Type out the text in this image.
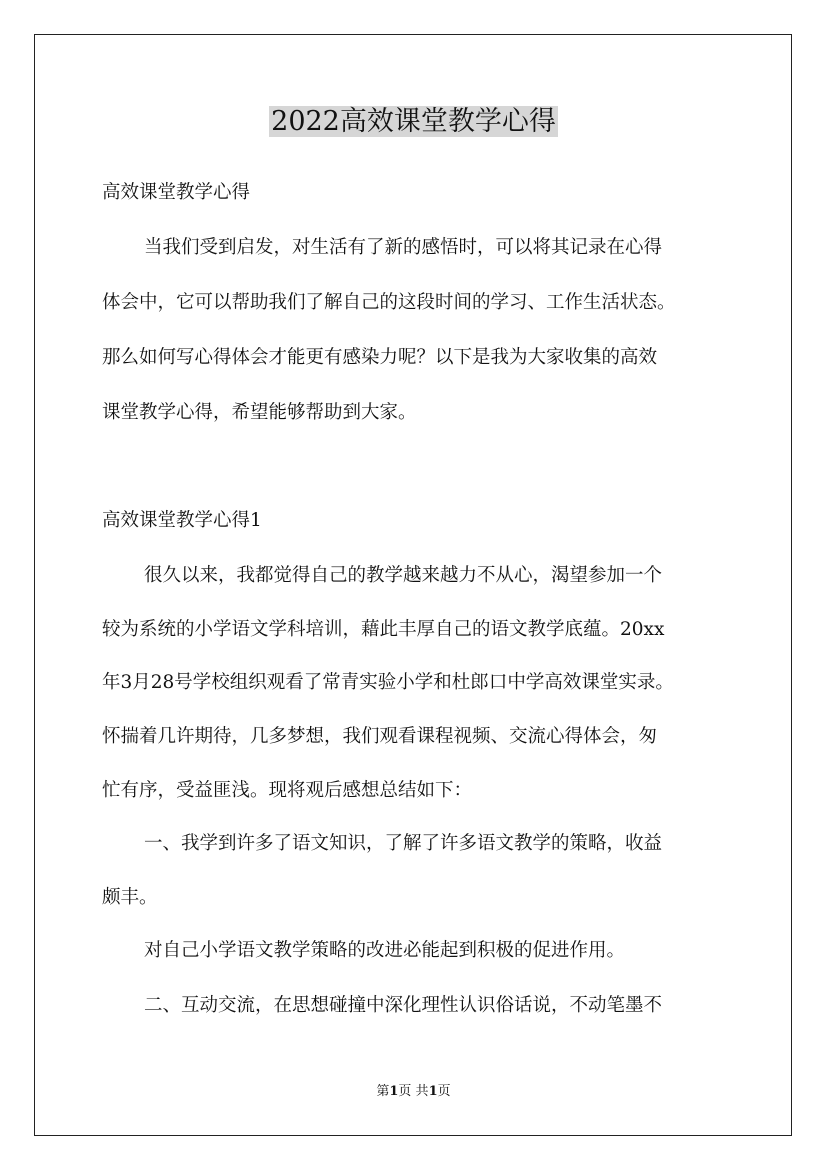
2022高效课堂教学心得

高效课堂教学心得

当我们受到启发，对生活有了新的感悟时，可以将其记录在心得

体会中，它可以帮助我们了解自己的这段时间的学习、工作生活状态。

那么如何写心得体会才能更有感染力呢？以下是我为大家收集的高效

课堂教学心得，希望能够帮助到大家。

高效课堂教学心得1

很久以来，我都觉得自己的教学越来越力不从心，渴望参加一个

较为系统的小学语文学科培训，藉此丰厚自己的语文教学底蕴。20xx

年3月28号学校组织观看了常青实验小学和杜郎口中学高效课堂实录。

怀揣着几许期待，几多梦想，我们观看课程视频、交流心得体会，匆

忙有序，受益匪浅。现将观后感想总结如下：

一、我学到许多了语文知识，了解了许多语文教学的策略，收益

颇丰。

对自己小学语文教学策略的改进必能起到积极的促进作用。

二、互动交流，在思想碰撞中深化理性认识俗话说，不动笔墨不

第1页 共1页
